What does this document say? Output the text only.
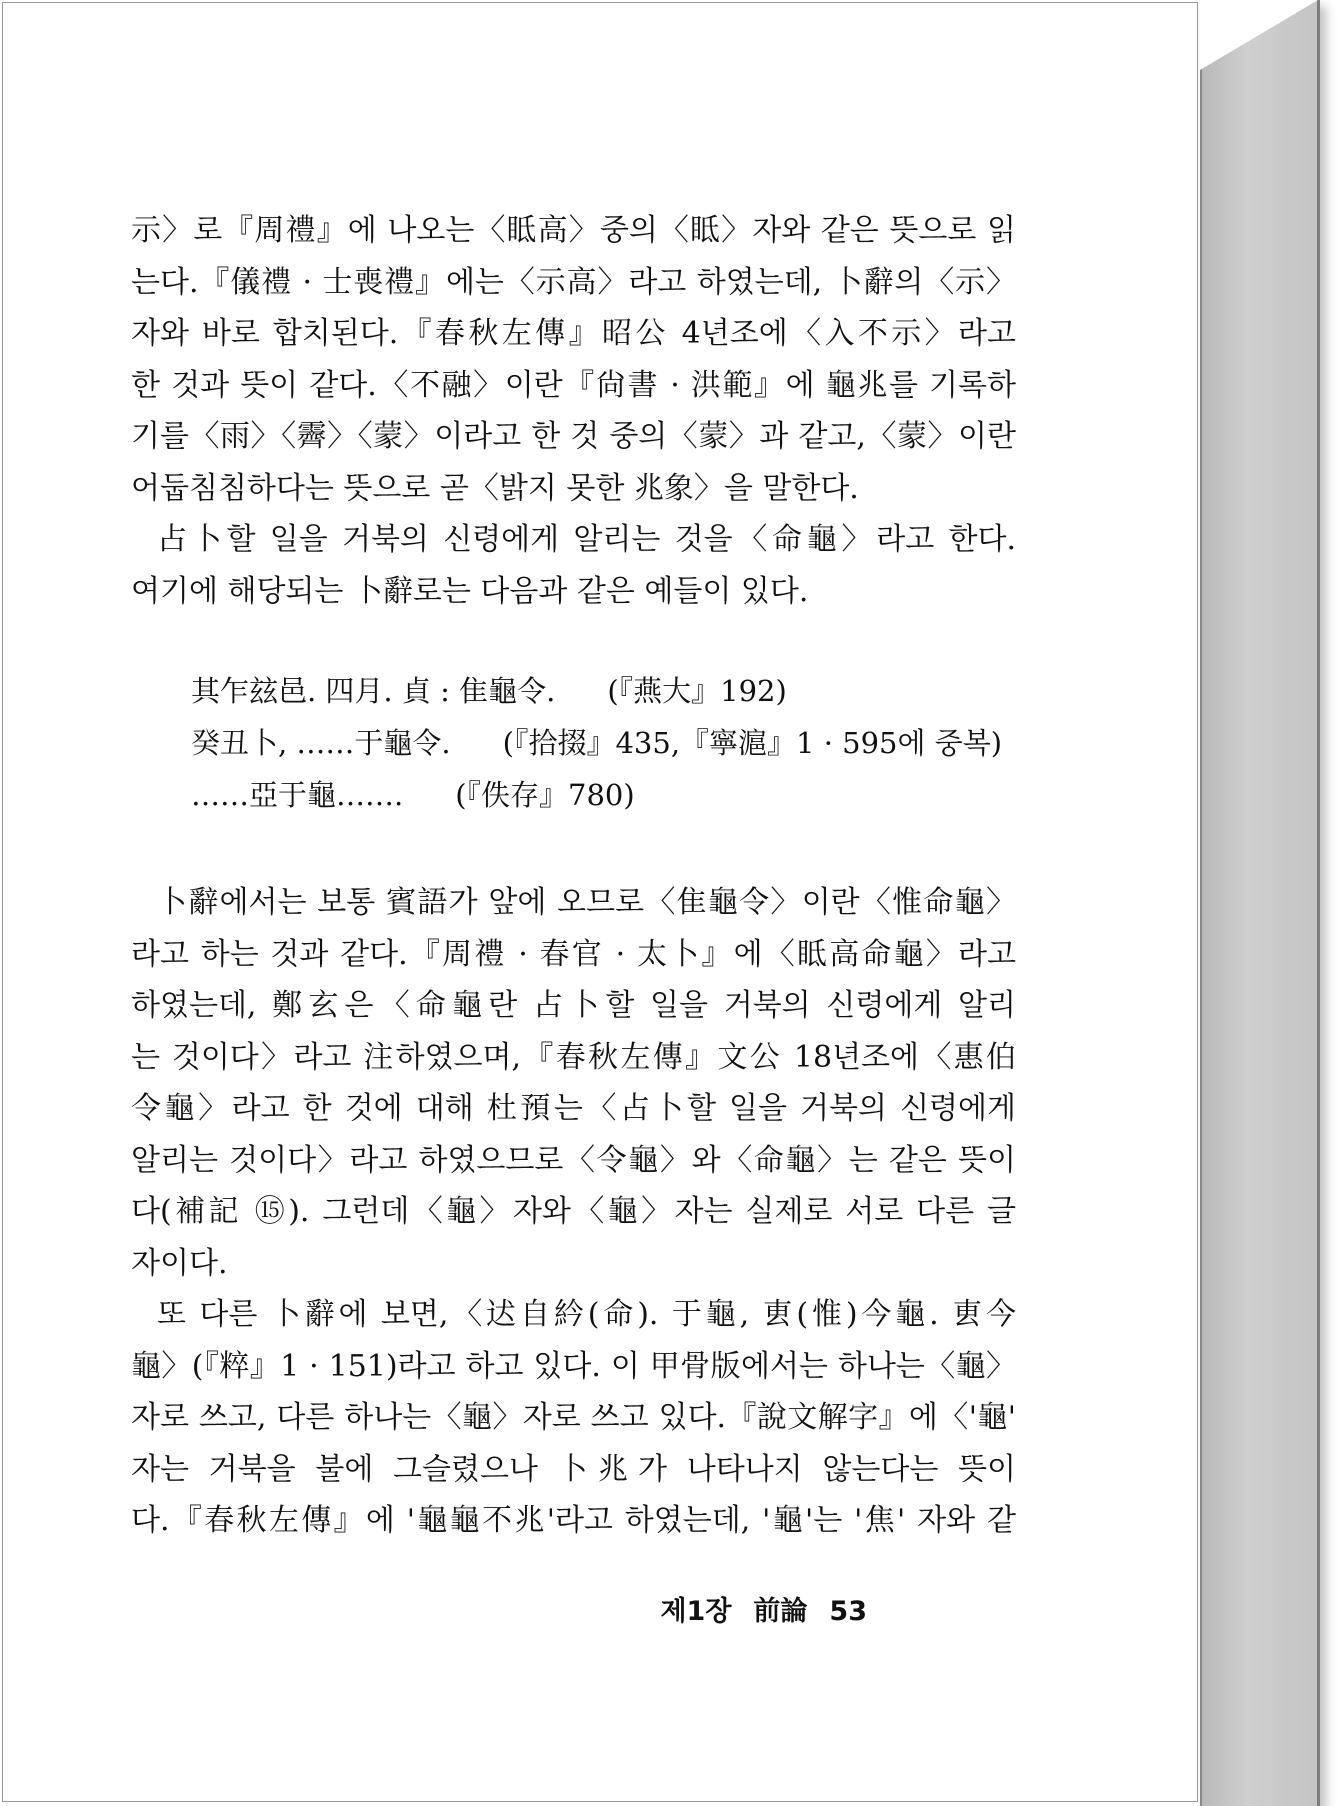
示〉로『周禮』에 나오는〈眡高〉중의〈眡〉자와 같은 뜻으로 읽
는다.『儀禮 · 士喪禮』에는〈示高〉라고 하였는데, 卜辭의〈示〉
자와 바로 합치된다.『春秋左傳』昭公 4년조에〈入不示〉라고
한 것과 뜻이 같다.〈不融〉이란『尙書 · 洪範』에 龜兆를 기록하
기를〈雨〉〈霽〉〈蒙〉이라고 한 것 중의〈蒙〉과 같고,〈蒙〉이란
어둡침침하다는 뜻으로 곧〈밝지 못한 兆象〉을 말한다.
占卜할 일을 거북의 신령에게 알리는 것을〈命龜〉라고 한다.
여기에 해당되는 卜辭로는 다음과 같은 예들이 있다.
其乍玆邑. 四月. 貞 : 隹龜令. (『燕大』192)
癸丑卜, ……于龜令. (『拾掇』435,『寧滬』1 · 595에 중복)
……亞于龜……. (『佚存』780)
卜辭에서는 보통 賓語가 앞에 오므로〈隹龜令〉이란〈惟命龜〉
라고 하는 것과 같다.『周禮 · 春官 · 太卜』에〈眡高命龜〉라고
하였는데, 鄭玄은〈命龜란 占卜할 일을 거북의 신령에게 알리
는 것이다〉라고 注하였으며,『春秋左傳』文公 18년조에〈惠伯
令龜〉라고 한 것에 대해 杜預는〈占卜할 일을 거북의 신령에게
알리는 것이다〉라고 하였으므로〈令龜〉와〈命龜〉는 같은 뜻이
다(補記 ⑮). 그런데〈龜〉자와〈龜〉자는 실제로 서로 다른 글
자이다.
또 다른 卜辭에 보면,〈迖⾃紟(命). 于龜, 叀(惟)今龜. 叀今
龜〉(『粹』1 · 151)라고 하고 있다. 이 甲骨版에서는 하나는〈龜〉
자로 쓰고, 다른 하나는〈龜〉자로 쓰고 있다.『說文解字』에〈'龜'
자는 거북을 불에 그슬렸으나 卜兆가 나타나지 않는다는 뜻이
다.『春秋左傳』에 '龜龜不兆'라고 하였는데, '龜'는 '焦' 자와 같
제1장 前論 53
